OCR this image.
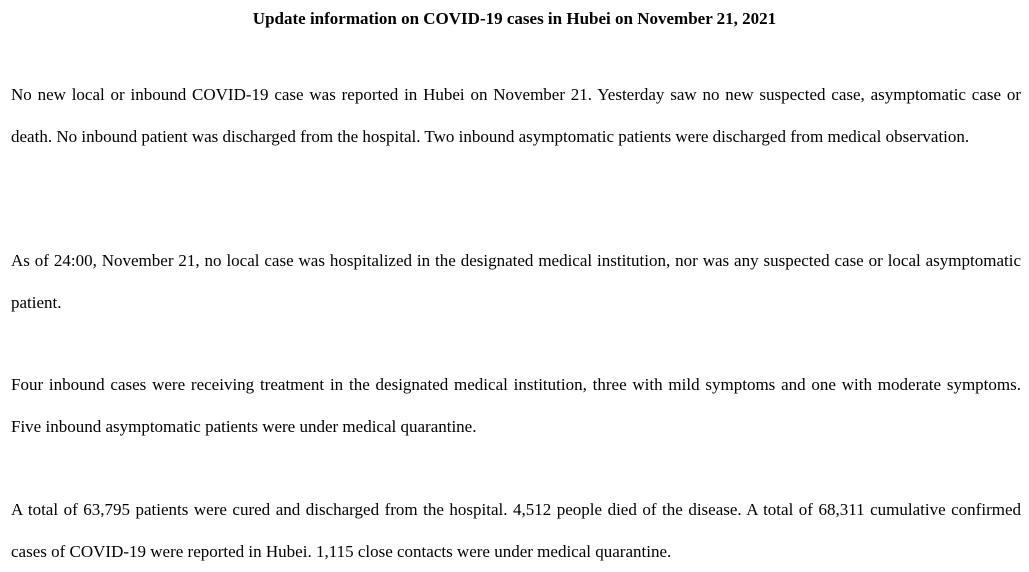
Update information on COVID-19 cases in Hubei on November 21, 2021

No new local or inbound COVID-19 case was reported in Hubei on November 21. Yesterday saw no new suspected case, asymptomatic case or death. No inbound patient was discharged from the hospital. Two inbound asymptomatic patients were discharged from medical observation.

As of 24:00, November 21, no local case was hospitalized in the designated medical institution, nor was any suspected case or local asymptomatic patient.

Four inbound cases were receiving treatment in the designated medical institution, three with mild symptoms and one with moderate symptoms. Five inbound asymptomatic patients were under medical quarantine.

A total of 63,795 patients were cured and discharged from the hospital. 4,512 people died of the disease. A total of 68,311 cumulative confirmed cases of COVID-19 were reported in Hubei. 1,115 close contacts were under medical quarantine.
